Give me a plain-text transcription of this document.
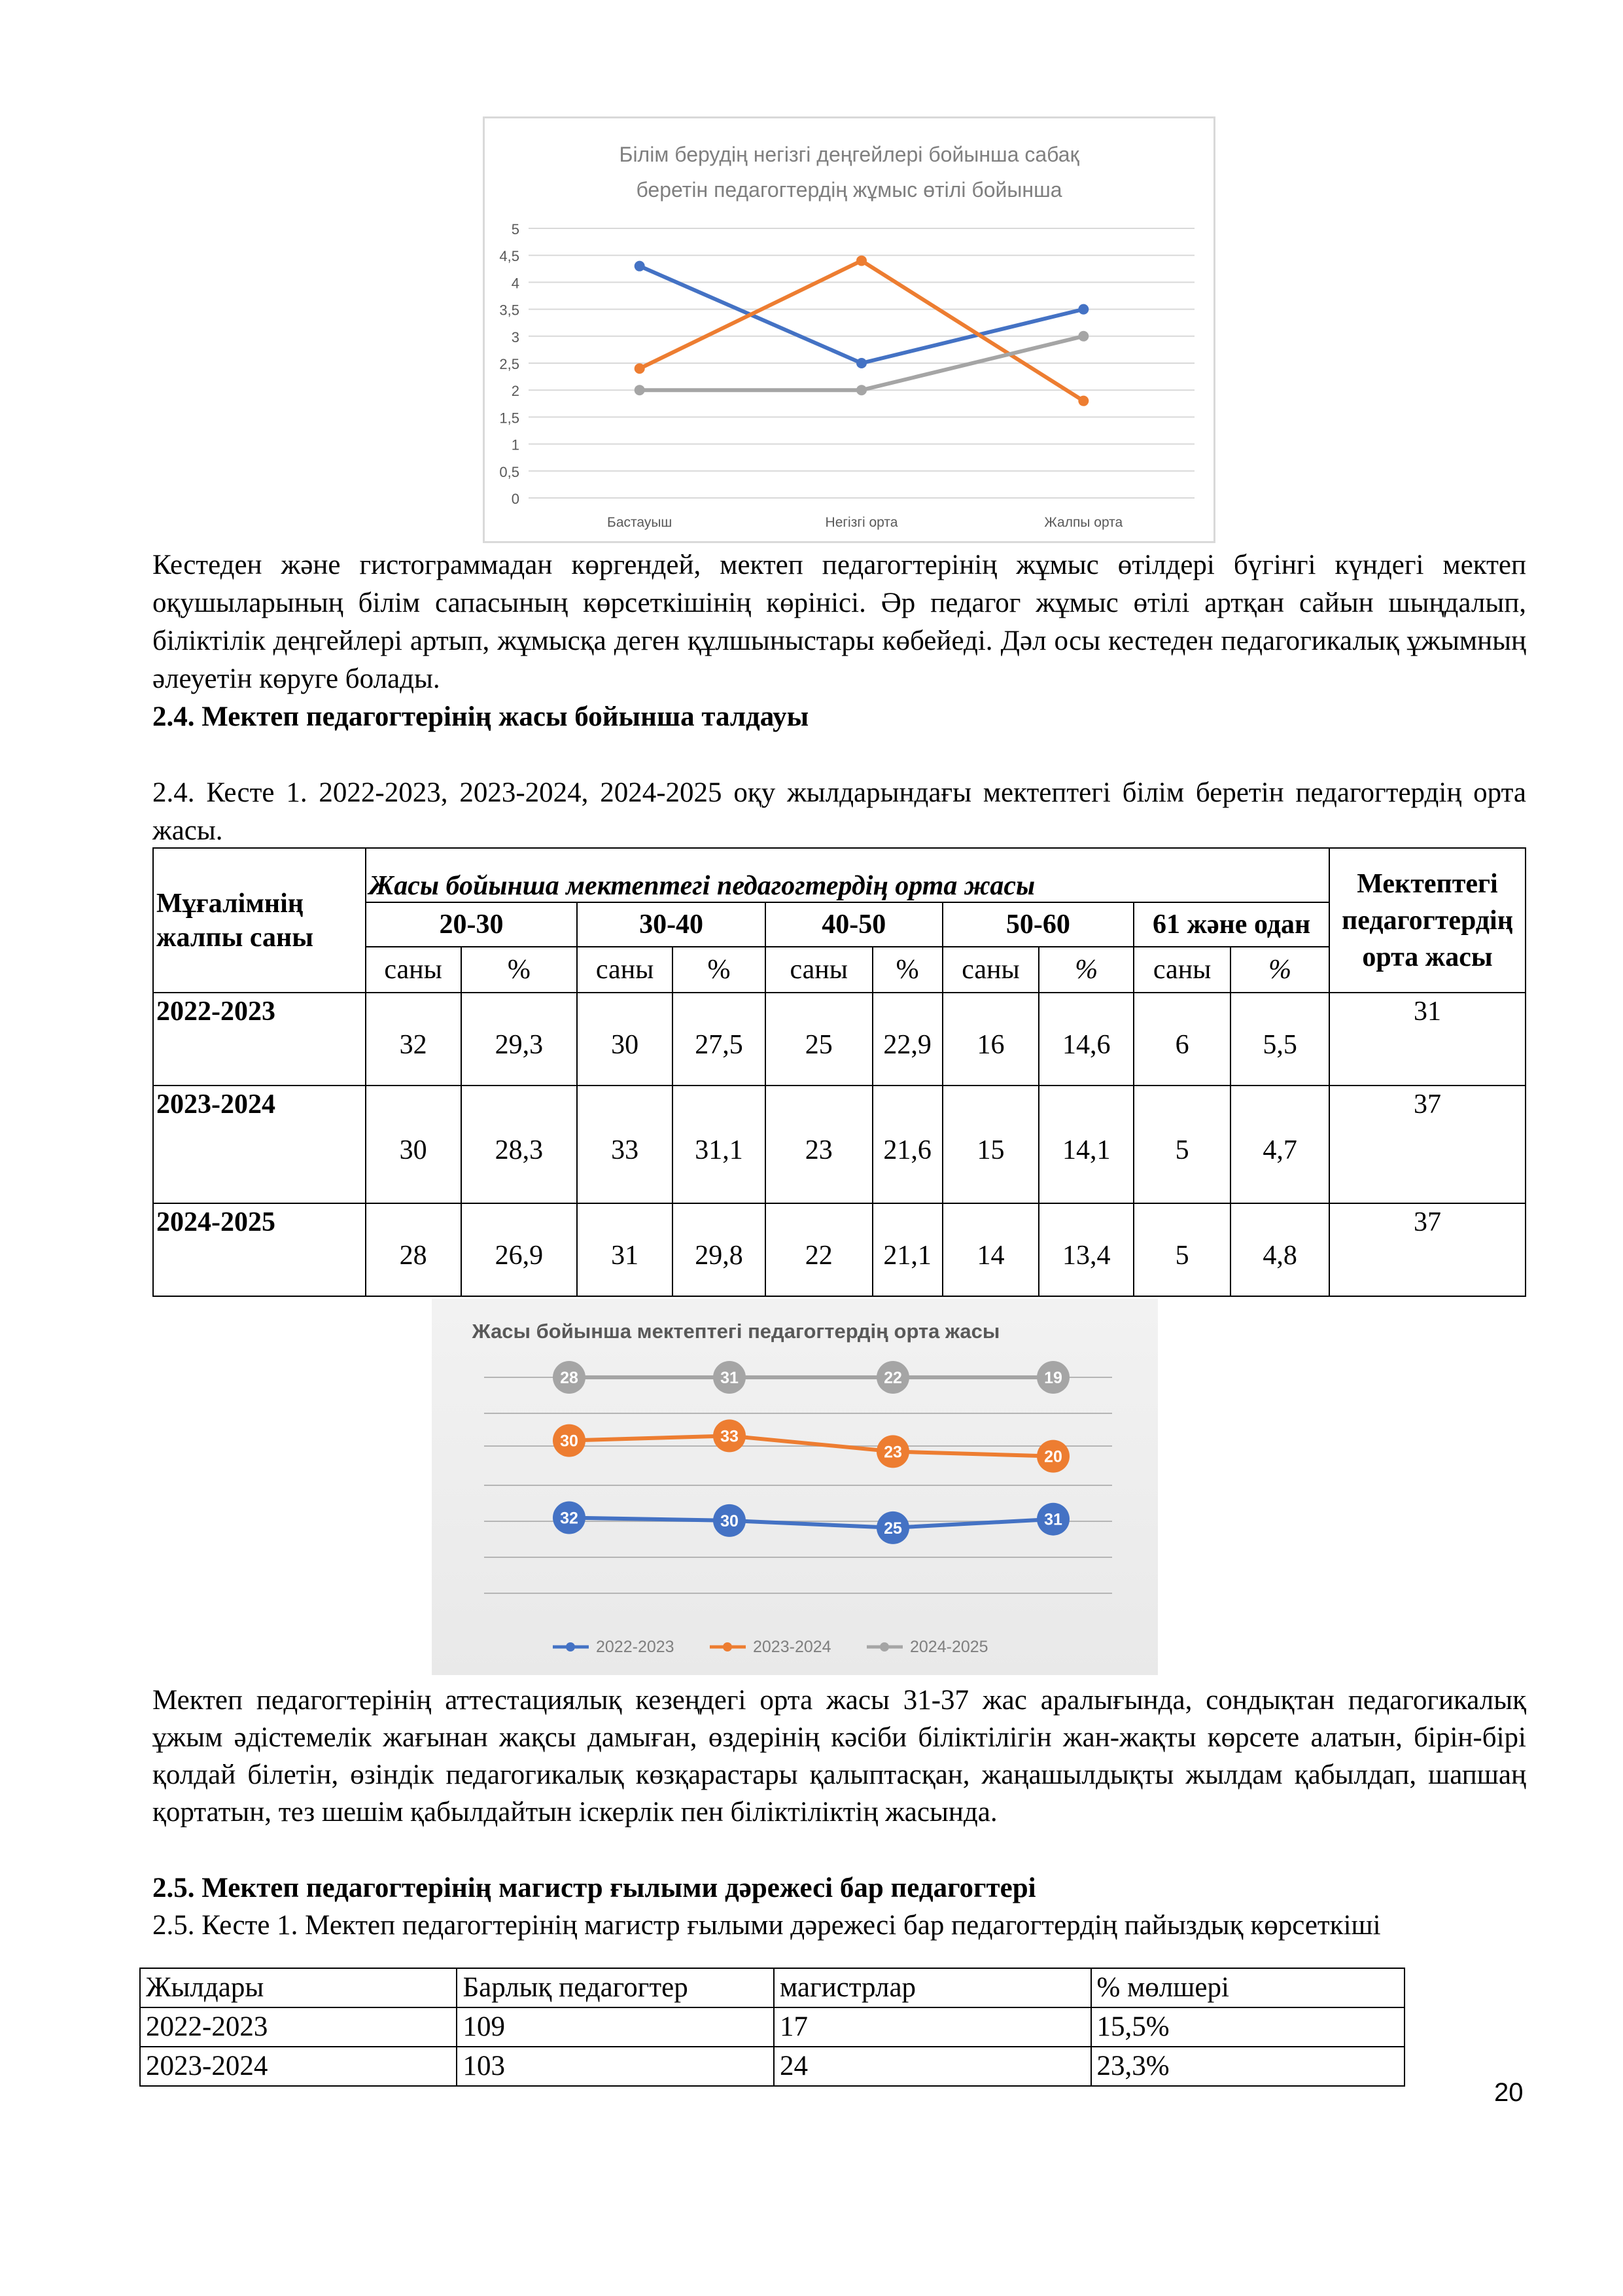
Білім берудің негізгі деңгейлері бойынша сабақ
беретін педагогтердің жұмыс өтілі бойынша
5
4,5
4
3,5
3
2,5
2
1,5
1
0,5
0
Бастауыш	Негізгі орта	Жалпы орта
Кестеден және гистограммадан көргендей, мектеп педагогтерінің жұмыс өтілдері бүгінгі күндегі мектеп оқушыларының білім сапасының көрсеткішінің көрінісі. Әр педагог жұмыс өтілі артқан сайын шыңдалып, біліктілік деңгейлері артып, жұмысқа деген құлшыныстары көбейеді. Дәл осы кестеден педагогикалық ұжымның әлеуетін көруге болады.
2.4. Мектеп педагогтерінің жасы бойынша талдауы
2.4. Кесте 1. 2022-2023, 2023-2024, 2024-2025 оқу жылдарындағы мектептегі білім беретін педагогтердің орта жасы.
Мұғалімнің жалпы саны	Жасы бойынша мектептегі педагогтердің орта жасы										Мектептегі педагогтердің орта жасы
	20-30		30-40		40-50		50-60		61 және одан		
	саны	%	саны	%	саны	%	саны	%	саны	%	
2022-2023	32	29,3	30	27,5	25	22,9	16	14,6	6	5,5	31
2023-2024	30	28,3	33	31,1	23	21,6	15	14,1	5	4,7	37
2024-2025	28	26,9	31	29,8	22	21,1	14	13,4	5	4,8	37
Жасы бойынша мектептегі педагогтердің орта жасы
32	30	25	31
30	33
23	20
28	31	22	19
2022-2023	2023-2024	2024-2025
Мектеп педагогтерінің аттестациялық кезеңдегі орта жасы 31-37 жас аралығында, сондықтан педагогикалық ұжым әдістемелік жағынан жақсы дамыған, өздерінің кәсіби біліктілігін жан-жақты көрсете алатын, бірін-бірі қолдай білетін, өзіндік педагогикалық көзқарастары қалыптасқан, жаңашылдықты жылдам қабылдап, шапшаң қортатын, тез шешім қабылдайтын іскерлік пен біліктіліктің жасында.
2.5. Мектеп педагогтерінің магистр ғылыми дәрежесі бар педагогтері
2.5. Кесте 1. Мектеп педагогтерінің магистр ғылыми дәрежесі бар педагогтердің пайыздық көрсеткіші
Жылдары	Барлық педагогтер	магистрлар	% мөлшері
2022-2023	109	17	15,5%
2023-2024	103	24	23,3%
20
